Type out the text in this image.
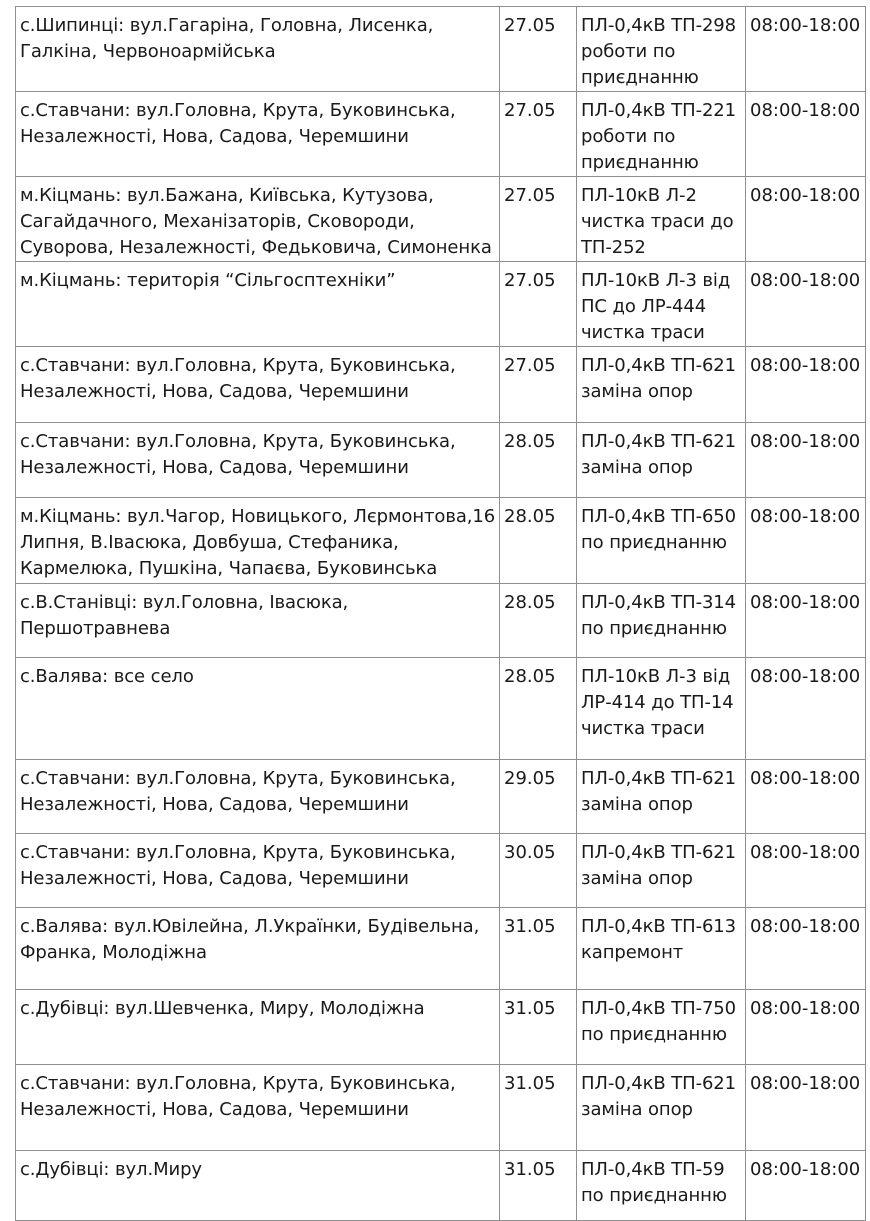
с.Шипинці: вул.Гагаріна, Головна, Лисенка, Галкіна, Червоноармійська	27.05	ПЛ-0,4кВ ТП-298
роботи по
приєднанню	08:00-18:00
с.Ставчани: вул.Головна, Крута, Буковинська, Незалежності, Нова, Садова, Черемшини	27.05	ПЛ-0,4кВ ТП-221
роботи по
приєднанню	08:00-18:00
м.Кіцмань: вул.Бажана, Київська, Кутузова, Сагайдачного, Механізаторів, Сковороди, Суворова, Незалежності, Федьковича, Симоненка	27.05	ПЛ-10кВ Л-2
чистка траси до
ТП-252	08:00-18:00
м.Кіцмань: територія “Сільгосптехніки”	27.05	ПЛ-10кВ Л-3 від
ПС до ЛР-444
чистка траси	08:00-18:00
с.Ставчани: вул.Головна, Крута, Буковинська, Незалежності, Нова, Садова, Черемшини	27.05	ПЛ-0,4кВ ТП-621
заміна опор	08:00-18:00
с.Ставчани: вул.Головна, Крута, Буковинська, Незалежності, Нова, Садова, Черемшини	28.05	ПЛ-0,4кВ ТП-621
заміна опор	08:00-18:00
м.Кіцмань: вул.Чагор, Новицького, Лєрмонтова,16 Липня, В.Івасюка, Довбуша, Стефаника, Кармелюка, Пушкіна, Чапаєва, Буковинська	28.05	ПЛ-0,4кВ ТП-650
по приєднанню	08:00-18:00
с.В.Станівці: вул.Головна, Івасюка, Першотравнева	28.05	ПЛ-0,4кВ ТП-314
по приєднанню	08:00-18:00
с.Валява: все село	28.05	ПЛ-10кВ Л-3 від
ЛР-414 до ТП-14
чистка траси	08:00-18:00
с.Ставчани: вул.Головна, Крута, Буковинська, Незалежності, Нова, Садова, Черемшини	29.05	ПЛ-0,4кВ ТП-621
заміна опор	08:00-18:00
с.Ставчани: вул.Головна, Крута, Буковинська, Незалежності, Нова, Садова, Черемшини	30.05	ПЛ-0,4кВ ТП-621
заміна опор	08:00-18:00
с.Валява: вул.Ювілейна, Л.Українки, Будівельна, Франка, Молодіжна	31.05	ПЛ-0,4кВ ТП-613
капремонт	08:00-18:00
с.Дубівці: вул.Шевченка, Миру, Молодіжна	31.05	ПЛ-0,4кВ ТП-750
по приєднанню	08:00-18:00
с.Ставчани: вул.Головна, Крута, Буковинська, Незалежності, Нова, Садова, Черемшини	31.05	ПЛ-0,4кВ ТП-621
заміна опор	08:00-18:00
с.Дубівці: вул.Миру	31.05	ПЛ-0,4кВ ТП-59
по приєднанню	08:00-18:00
